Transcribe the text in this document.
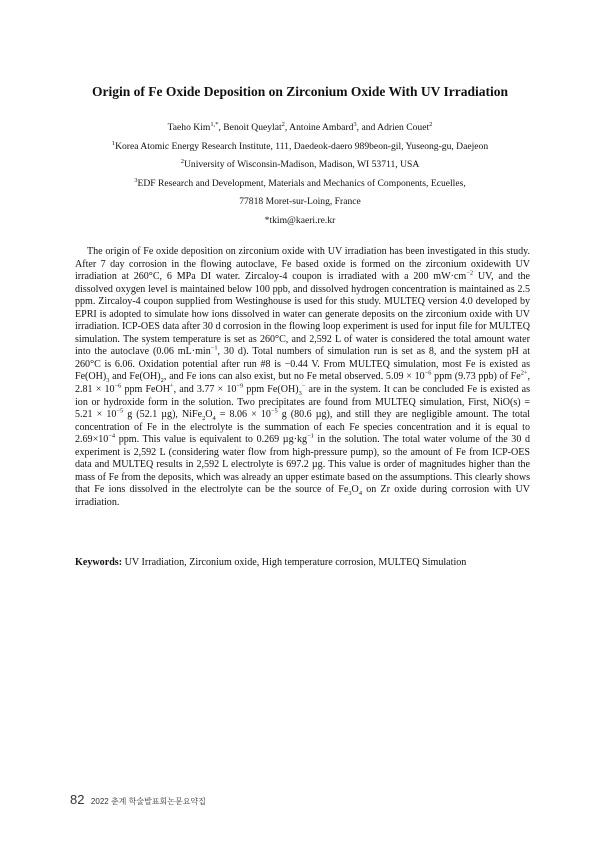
Origin of Fe Oxide Deposition on Zirconium Oxide With UV Irradiation
Taeho Kim$^{1,*}$, Benoit Queylat$^2$, Antoine Ambard$^3$, and Adrien Couet$^2$
$^1$Korea Atomic Energy Research Institute, 111, Daedeok-daero 989beon-gil, Yuseong-gu, Daejeon
$^2$University of Wisconsin-Madison, Madison, WI 53711, USA
$^3$EDF Research and Development, Materials and Mechanics of Components, Ecuelles,
77818 Moret-sur-Loing, France
*tkim@kaeri.re.kr

The origin of Fe oxide deposition on zirconium oxide with UV irradiation has been investigated in this study. After 7 day corrosion in the flowing autoclave, Fe based oxide is formed on the zirconium oxidewith UV irradiation at 260°C, 6 MPa DI water. Zircaloy-4 coupon is irradiated with a 200 $mW\cdot cm^{-2}$ UV, and the dissolved oxygen level is maintained below 100 ppb, and dissolved hydrogen concentration is maintained as 2.5 ppm. Zircaloy-4 coupon supplied from Westinghouse is used for this study. MULTEQ version 4.0 developed by EPRI is adopted to simulate how ions dissolved in water can generate deposits on the zirconium oxide with UV irradiation. ICP-OES data after 30 d corrosion in the flowing loop experiment is used for input file for MULTEQ simulation. The system temperature is set as 260°C, and 2,592 L of water is considered the total amount water into the autoclave (0.06 $mL\cdot\min^{-1}$, 30 d). Total numbers of simulation run is set as 8, and the system pH at 260°C is 6.06. Oxidation potential after run #8 is −0.44 V. From MULTEQ simulation, most Fe is existed as $Fe(OH)_3$ and $Fe(OH)_2$, and Fe ions can also exist, but no Fe metal observed. $5.09 \times 10^{-6}$ ppm (9.73 ppb) of $Fe^{2+}$, $2.81 \times 10^{-6}$ ppm FeOH+, and $3.77 \times 10^{-9}$ ppm $Fe(OH)_3^-$ are in the system. It can be concluded Fe is existed as ion or hydroxide form in the solution. Two precipitates are found from MULTEQ simulation, First, $NiO(s) = 5.21 \times 10^{-5}$ g (52.1 µg), $NiFe_2O_4 = 8.06 \times 10^{-5}$ g (80.6 µg), and still they are negligible amount. The total concentration of Fe in the electrolyte is the summation of each Fe species concentration and it is equal to $2.69\times 10^{-4}$ ppm. This value is equivalent to 0.269 $\mu g\cdot kg^{-1}$ in the solution. The total water volume of the 30 d experiment is 2,592 L (considering water flow from high-pressure pump), so the amount of Fe from ICP-OES data and MULTEQ results in 2,592 L electrolyte is 697.2 µg. This value is order of magnitudes higher than the mass of Fe from the deposits, which was already an upper estimate based on the assumptions. This clearly shows that Fe ions dissolved in the electrolyte can be the source of $Fe_3O_4$ on Zr oxide during corrosion with UV irradiation.

Keywords: UV Irradiation, Zirconium oxide, High temperature corrosion, MULTEQ Simulation
82 2022 춘계 학술발표회논문요약집
